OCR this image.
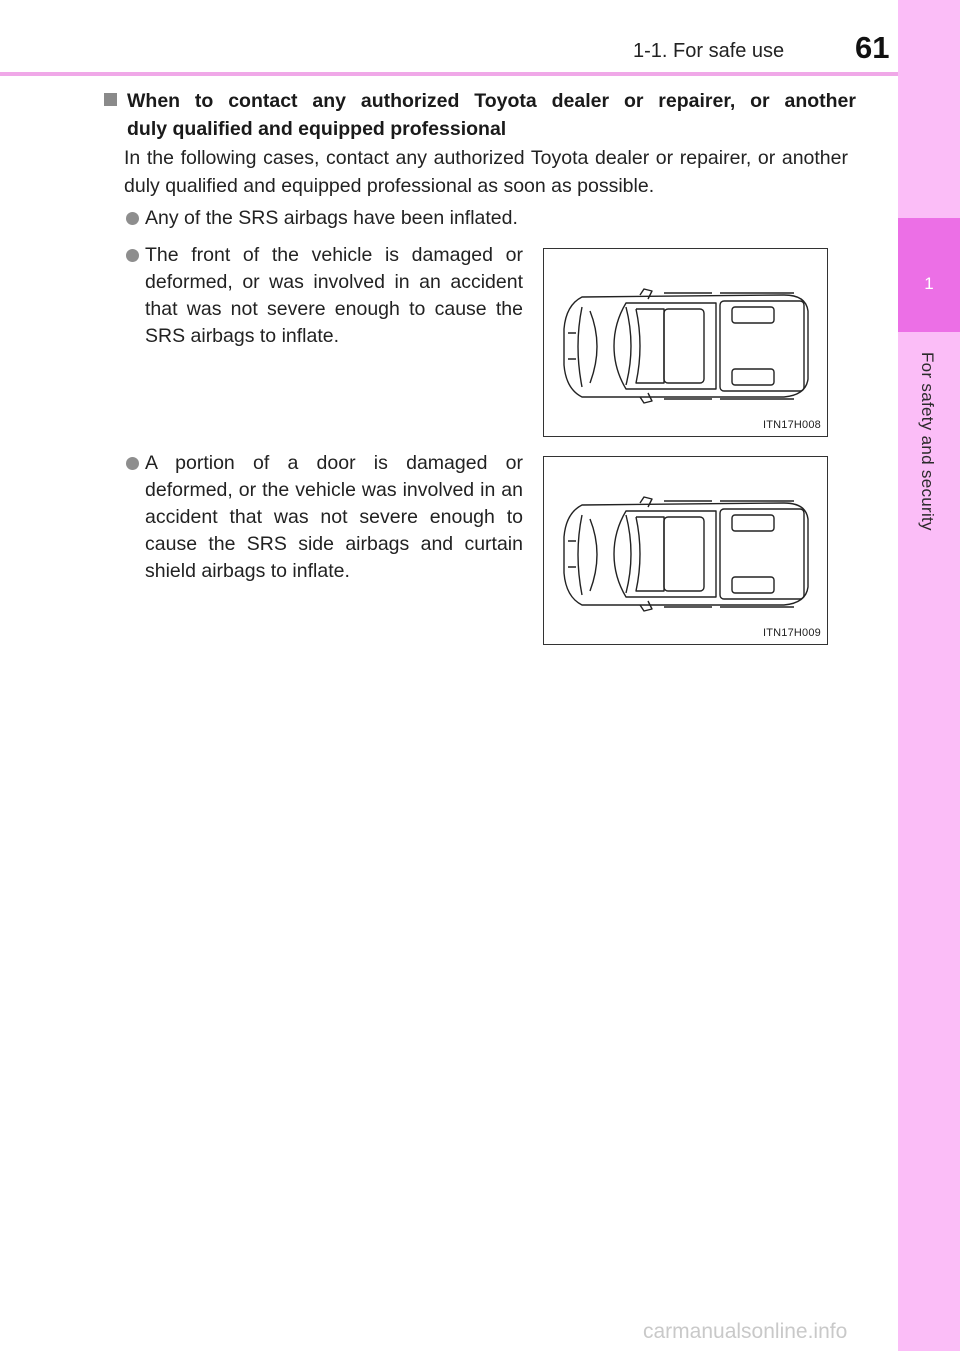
1-1. For safe use 61
1
For safety and security
When to contact any authorized Toyota dealer or repairer, or another
duly qualified and equipped professional
In the following cases, contact any authorized Toyota dealer or repairer, or another duly qualified and equipped professional as soon as possible.
Any of the SRS airbags have been inflated.
The front of the vehicle is damaged or deformed, or was involved in an accident that was not severe enough to cause the SRS airbags to inflate.
A portion of a door is damaged or deformed, or the vehicle was involved in an accident that was not severe enough to cause the SRS side airbags and curtain shield airbags to inflate.
ITN17H008
ITN17H009
carmanualsonline.info
